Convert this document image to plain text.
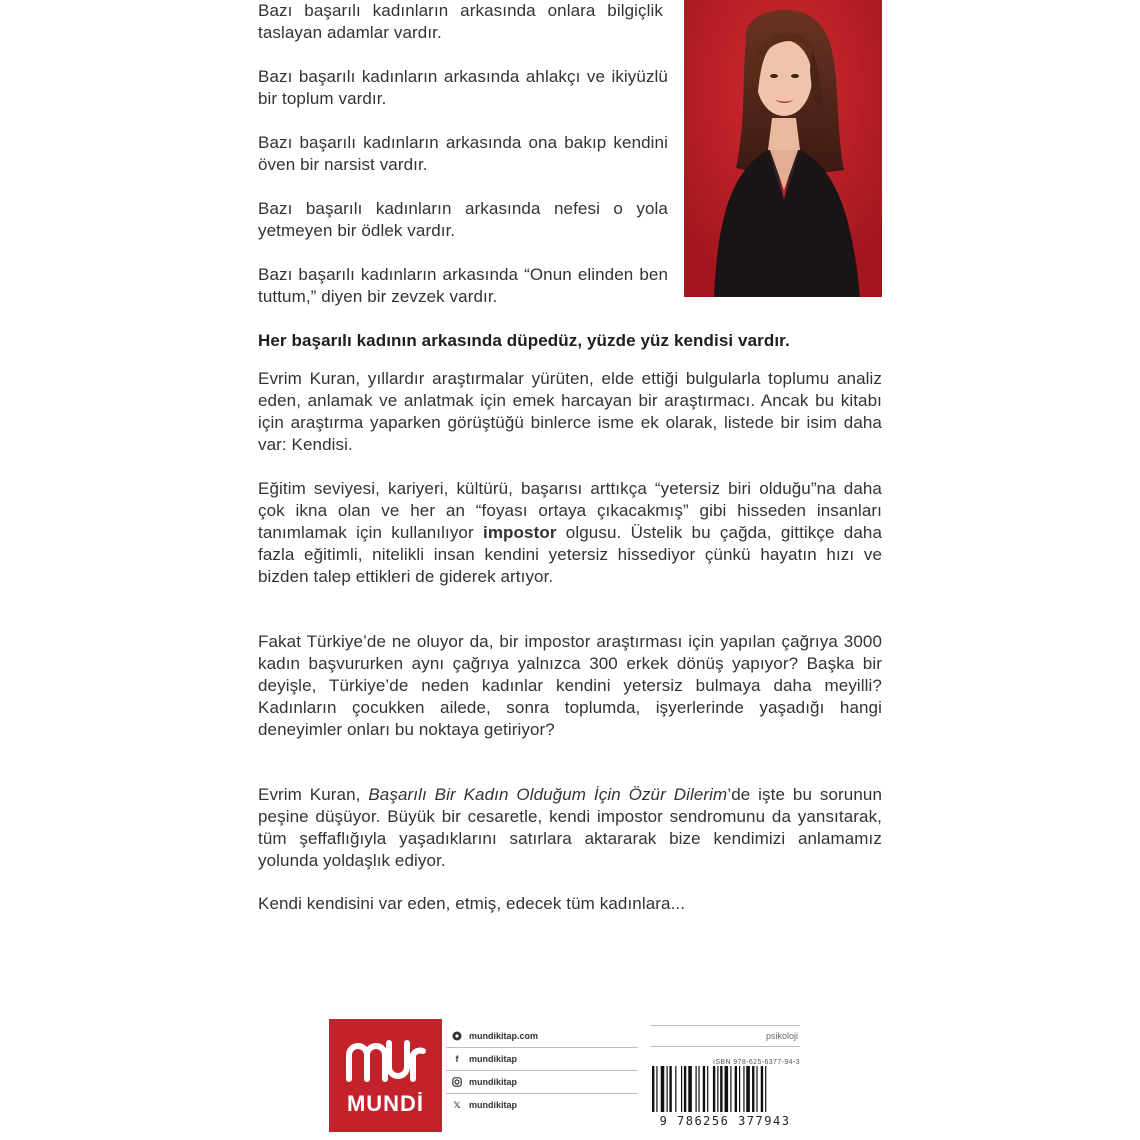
Bazı başarılı kadınların arkasında onlara bilgiçlik taslayan adamlar vardır.

Bazı başarılı kadınların arkasında ahlakçı ve ikiyüzlü bir toplum vardır.

Bazı başarılı kadınların arkasında ona bakıp kendini öven bir narsist vardır.

Bazı başarılı kadınların arkasında nefesi o yola yetmeyen bir ödlek vardır.

Bazı başarılı kadınların arkasında “Onun elinden ben tuttum,” diyen bir zevzek vardır.

Her başarılı kadının arkasında düpedüz, yüzde yüz kendisi vardır.

Evrim Kuran, yıllardır araştırmalar yürüten, elde ettiği bulgularla toplumu analiz eden, anlamak ve anlatmak için emek harcayan bir araştırmacı. Ancak bu kitabı için araştırma yaparken görüştüğü binlerce isme ek olarak, listede bir isim daha var: Kendisi.

Eğitim seviyesi, kariyeri, kültürü, başarısı arttıkça “yetersiz biri olduğu”na daha çok ikna olan ve her an “foyası ortaya çıkacakmış” gibi hisseden insanları tanımlamak için kullanılıyor impostor olgusu. Üstelik bu çağda, gittikçe daha fazla eğitimli, nitelikli insan kendini yetersiz hissediyor çünkü hayatın hızı ve bizden talep ettikleri de giderek artıyor.

Fakat Türkiye’de ne oluyor da, bir impostor araştırması için yapılan çağrıya 3000 kadın başvururken aynı çağrıya yalnızca 300 erkek dönüş yapıyor? Başka bir deyişle, Türkiye’de neden kadınlar kendini yetersiz bulmaya daha meyilli? Kadınların çocukken ailede, sonra toplumda, işyerlerinde yaşadığı hangi deneyimler onları bu noktaya getiriyor?

Evrim Kuran, Başarılı Bir Kadın Olduğum İçin Özür Dilerim’de işte bu sorunun peşine düşüyor. Büyük bir cesaretle, kendi impostor sendromunu da yansıtarak, tüm şeffaflığıyla yaşadıklarını satırlara aktararak bize kendimizi anlamamız yolunda yoldaşlık ediyor.

Kendi kendisini var eden, etmiş, edecek tüm kadınlara...

MUNDİ
mundikitap.com
f	mundikitap
mundikitap
𝕏 mundikitap
psikoloji
ISBN 978-625-6377-94-3
9 786256 377943
